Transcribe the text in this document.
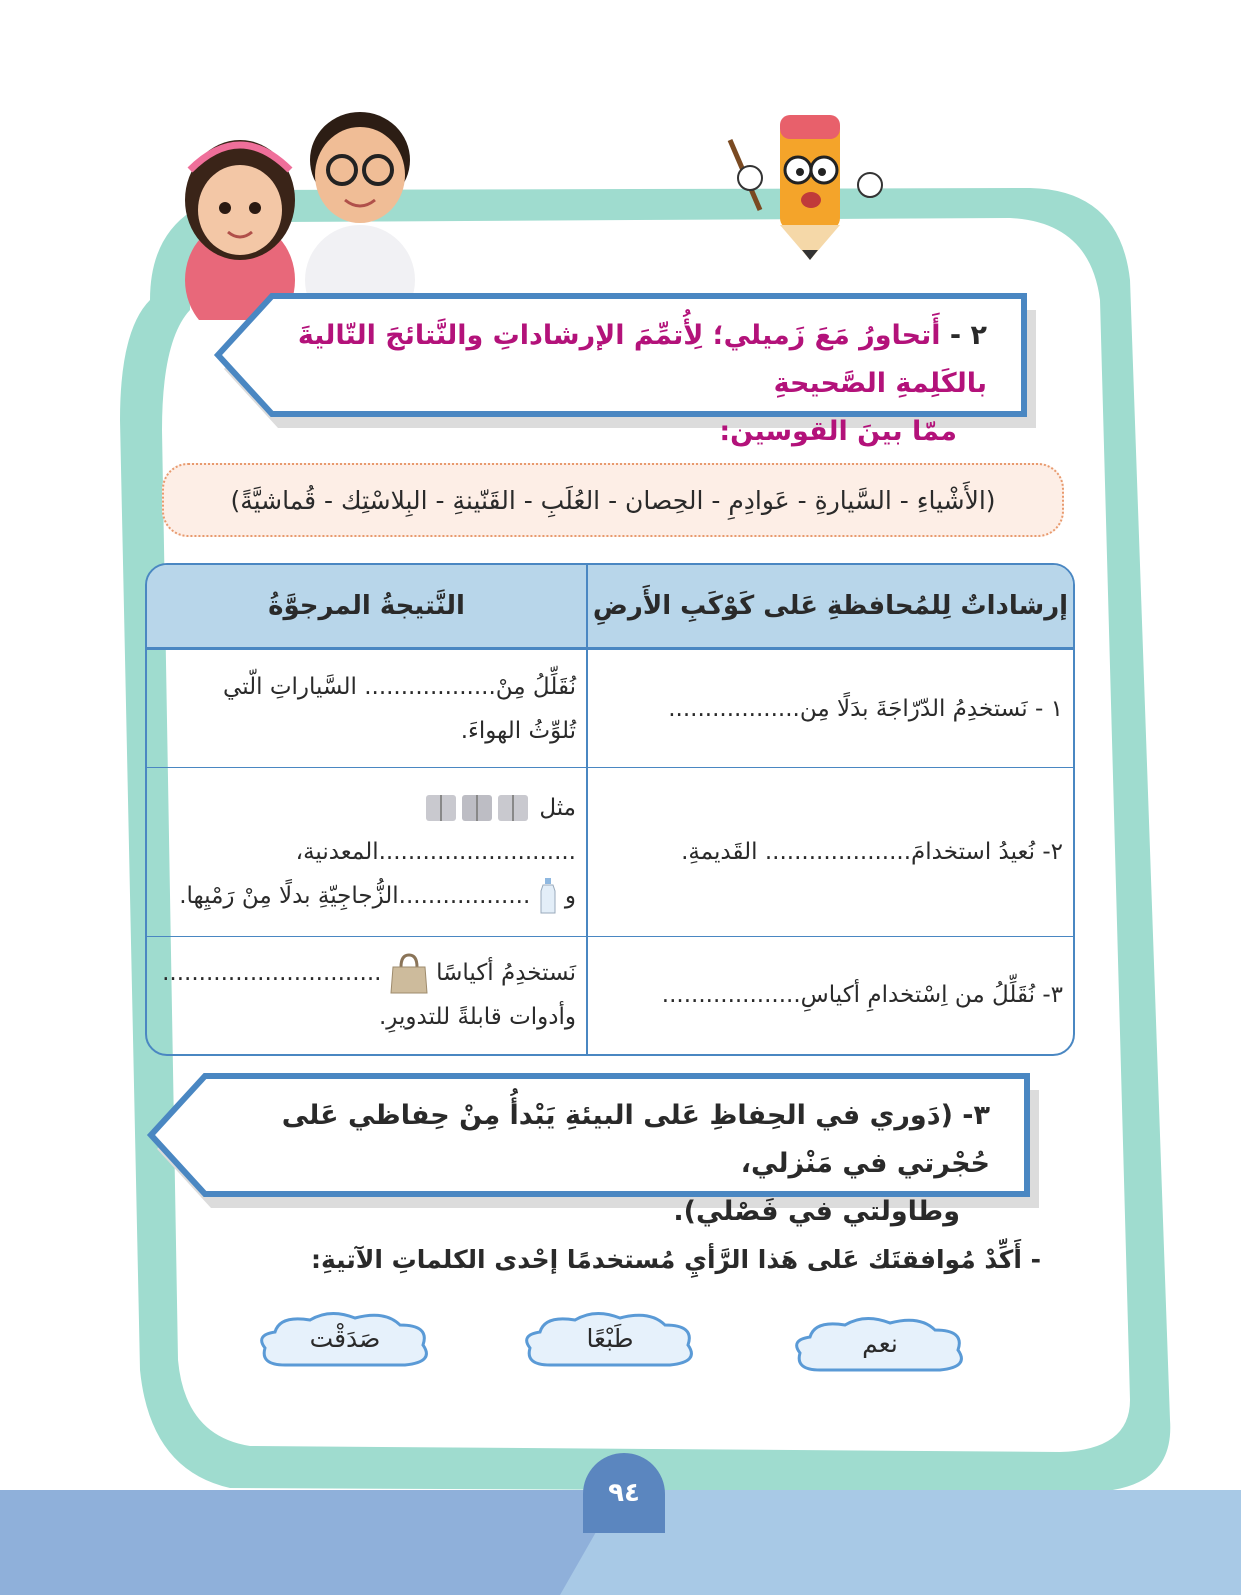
٢ - أَتحاورُ مَعَ زَميلي؛ لِأُتمِّمَ الإرشاداتِ والنَّتائجَ التّاليةَ بالكَلِمةِ الصَّحيحةِ
ممّا بينَ القوسين:
(الأَشْياءِ - السَّيارةِ - عَوادِمِ - الحِصان - العُلَبِ - القَنّينةِ - البِلاسْتِك - قُماشيَّةً)
إرشاداتٌ لِلمُحافظةِ عَلى كَوْكَبِ الأَرضِ	النَّتيجةُ المرجوَّةُ
١ - نَستخدِمُ الدّرّاجَةَ بدَلًا مِن..................	نُقَلِّلُ مِنْ.................. السَّياراتِ الّتي
تُلوِّثُ الهواءَ.

٢- نُعيدُ استخدامَ.................... القَديمةِ.	مثل  ...........................المعدنية،
و  ..................الزُّجاجِيّةِ بدلًا مِنْ رَمْيِها.

٣- نُقَلِّلُ من اِسْتخدامِ أكياسِ...................	نَستخدِمُ أكياسًا  ..............................
وأدوات قابلةً للتدويرِ.
٣- (دَوري في الحِفاظِ عَلى البيئةِ يَبْدأُ مِنْ حِفاظي عَلى حُجْرتي في مَنْزلي،
وطاولتي في فَصْلي).
- أَكِّدْ مُوافقتَك عَلى هَذا الرَّأيِ مُستخدمًا إحْدى الكلماتِ الآتيةِ:
نعم
طَبْعًا
صَدَقْت
٩٤
